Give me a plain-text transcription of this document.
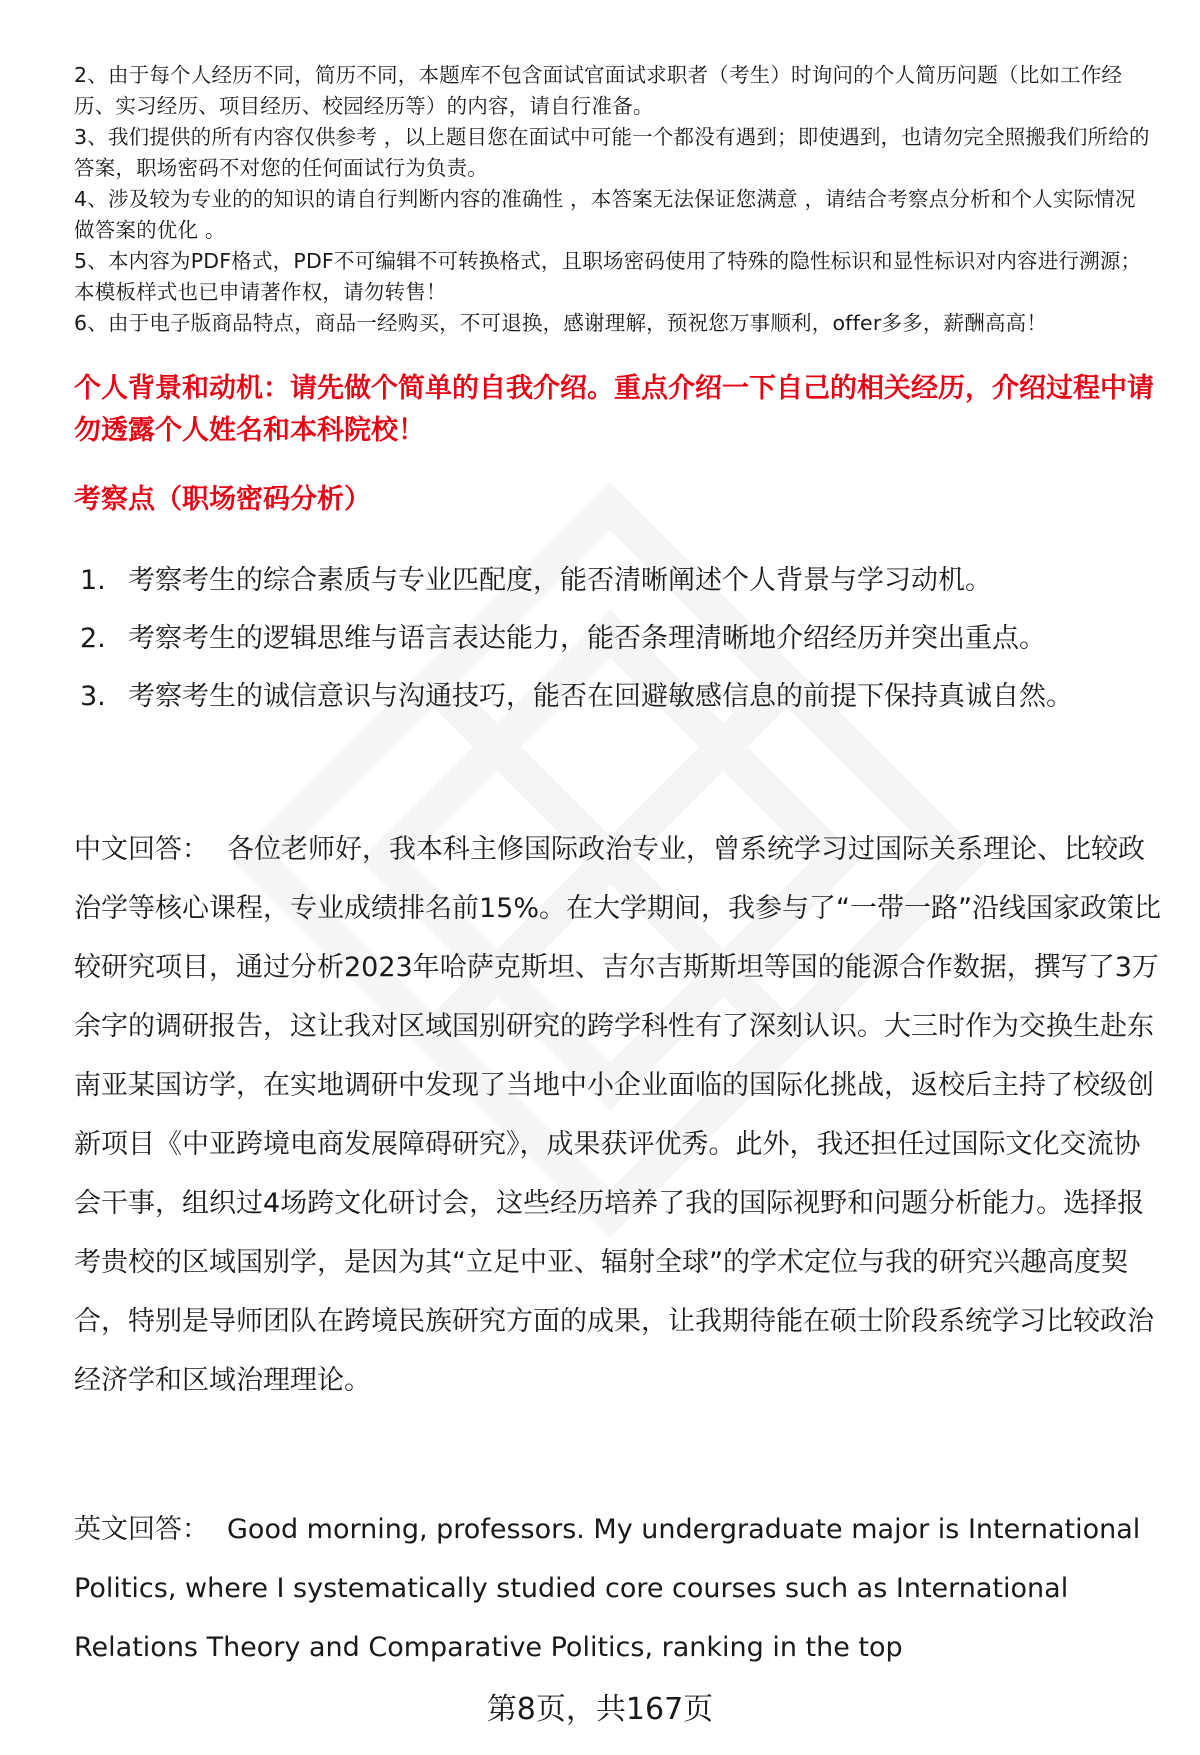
2、由于每个人经历不同，简历不同，本题库不包含面试官面试求职者（考生）时询问的个人简历问题（比如工作经历、实习经历、项目经历、校园经历等）的内容，请自行准备。

3、我们提供的所有内容仅供参考 ，以上题目您在面试中可能一个都没有遇到；即使遇到，也请勿完全照搬我们所给的答案，职场密码不对您的任何面试行为负责。

4、涉及较为专业的的知识的请自行判断内容的准确性 ，本答案无法保证您满意 ，请结合考察点分析和个人实际情况做答案的优化 。

5、本内容为PDF格式，PDF不可编辑不可转换格式，且职场密码使用了特殊的隐性标识和显性标识对内容进行溯源；本模板样式也已申请著作权，请勿转售！

6、由于电子版商品特点，商品一经购买，不可退换，感谢理解，预祝您万事顺利，offer多多，薪酬高高！

个人背景和动机：请先做个简单的自我介绍。重点介绍一下自己的相关经历，介绍过程中请勿透露个人姓名和本科院校！
考察点（职场密码分析）
1. 考察考生的综合素质与专业匹配度，能否清晰阐述个人背景与学习动机。
2. 考察考生的逻辑思维与语言表达能力，能否条理清晰地介绍经历并突出重点。
3. 考察考生的诚信意识与沟通技巧，能否在回避敏感信息的前提下保持真诚自然。

中文回答： 各位老师好，我本科主修国际政治专业，曾系统学习过国际关系理论、比较政治学等核心课程，专业成绩排名前15%。在大学期间，我参与了“一带一路”沿线国家政策比较研究项目，通过分析2023年哈萨克斯坦、吉尔吉斯斯坦等国的能源合作数据，撰写了3万余字的调研报告，这让我对区域国别研究的跨学科性有了深刻认识。大三时作为交换生赴东南亚某国访学，在实地调研中发现了当地中小企业面临的国际化挑战，返校后主持了校级创新项目《中亚跨境电商发展障碍研究》，成果获评优秀。此外，我还担任过国际文化交流协会干事，组织过4场跨文化研讨会，这些经历培养了我的国际视野和问题分析能力。选择报考贵校的区域国别学，是因为其“立足中亚、辐射全球”的学术定位与我的研究兴趣高度契合，特别是导师团队在跨境民族研究方面的成果，让我期待能在硕士阶段系统学习比较政治经济学和区域治理理论。

英文回答： Good morning, professors. My undergraduate major is International Politics, where I systematically studied core courses such as International Relations Theory and Comparative Politics, ranking in the top

第8页，共167页
